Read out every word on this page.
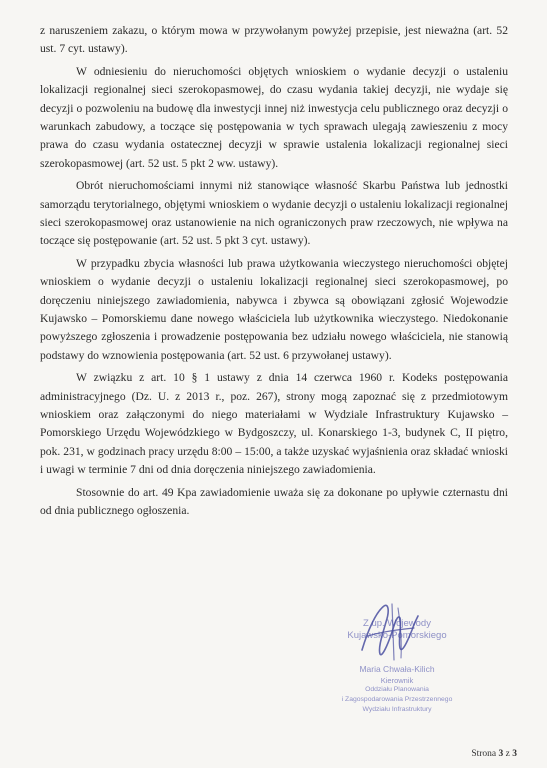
z naruszeniem zakazu, o którym mowa w przywołanym powyżej przepisie, jest nieważna (art. 52 ust. 7 cyt. ustawy).

W odniesieniu do nieruchomości objętych wnioskiem o wydanie decyzji o ustaleniu lokalizacji regionalnej sieci szerokopasmowej, do czasu wydania takiej decyzji, nie wydaje się decyzji o pozwoleniu na budowę dla inwestycji innej niż inwestycja celu publicznego oraz decyzji o warunkach zabudowy, a toczące się postępowania w tych sprawach ulegają zawieszeniu z mocy prawa do czasu wydania ostatecznej decyzji w sprawie ustalenia lokalizacji regionalnej sieci szerokopasmowej (art. 52 ust. 5 pkt 2 ww. ustawy).

Obrót nieruchomościami innymi niż stanowiące własność Skarbu Państwa lub jednostki samorządu terytorialnego, objętymi wnioskiem o wydanie decyzji o ustaleniu lokalizacji regionalnej sieci szerokopasmowej oraz ustanowienie na nich ograniczonych praw rzeczowych, nie wpływa na toczące się postępowanie (art. 52 ust. 5 pkt 3 cyt. ustawy).

W przypadku zbycia własności lub prawa użytkowania wieczystego nieruchomości objętej wnioskiem o wydanie decyzji o ustaleniu lokalizacji regionalnej sieci szerokopasmowej, po doręczeniu niniejszego zawiadomienia, nabywca i zbywca są obowiązani zgłosić Wojewodzie Kujawsko – Pomorskiemu dane nowego właściciela lub użytkownika wieczystego. Niedokonanie powyższego zgłoszenia i prowadzenie postępowania bez udziału nowego właściciela, nie stanowią podstawy do wznowienia postępowania (art. 52 ust. 6 przywołanej ustawy).

W związku z art. 10 § 1 ustawy z dnia 14 czerwca 1960 r. Kodeks postępowania administracyjnego (Dz. U. z 2013 r., poz. 267), strony mogą zapoznać się z przedmiotowym wnioskiem oraz załączonymi do niego materiałami w Wydziale Infrastruktury Kujawsko – Pomorskiego Urzędu Wojewódzkiego w Bydgoszczy, ul. Konarskiego 1-3, budynek C, II piętro, pok. 231, w godzinach pracy urzędu 8:00 – 15:00, a także uzyskać wyjaśnienia oraz składać wnioski i uwagi w terminie 7 dni od dnia doręczenia niniejszego zawiadomienia.

Stosownie do art. 49 Kpa zawiadomienie uważa się za dokonane po upływie czternastu dni od dnia publicznego ogłoszenia.

Z up. Wojewody
Kujawsko-Pomorskiego
Maria Chwała-Kilich
Kierownik
Oddziału Planowania
i Zagospodarowania Przestrzennego
Wydziału Infrastruktury
Strona 3 z 3
